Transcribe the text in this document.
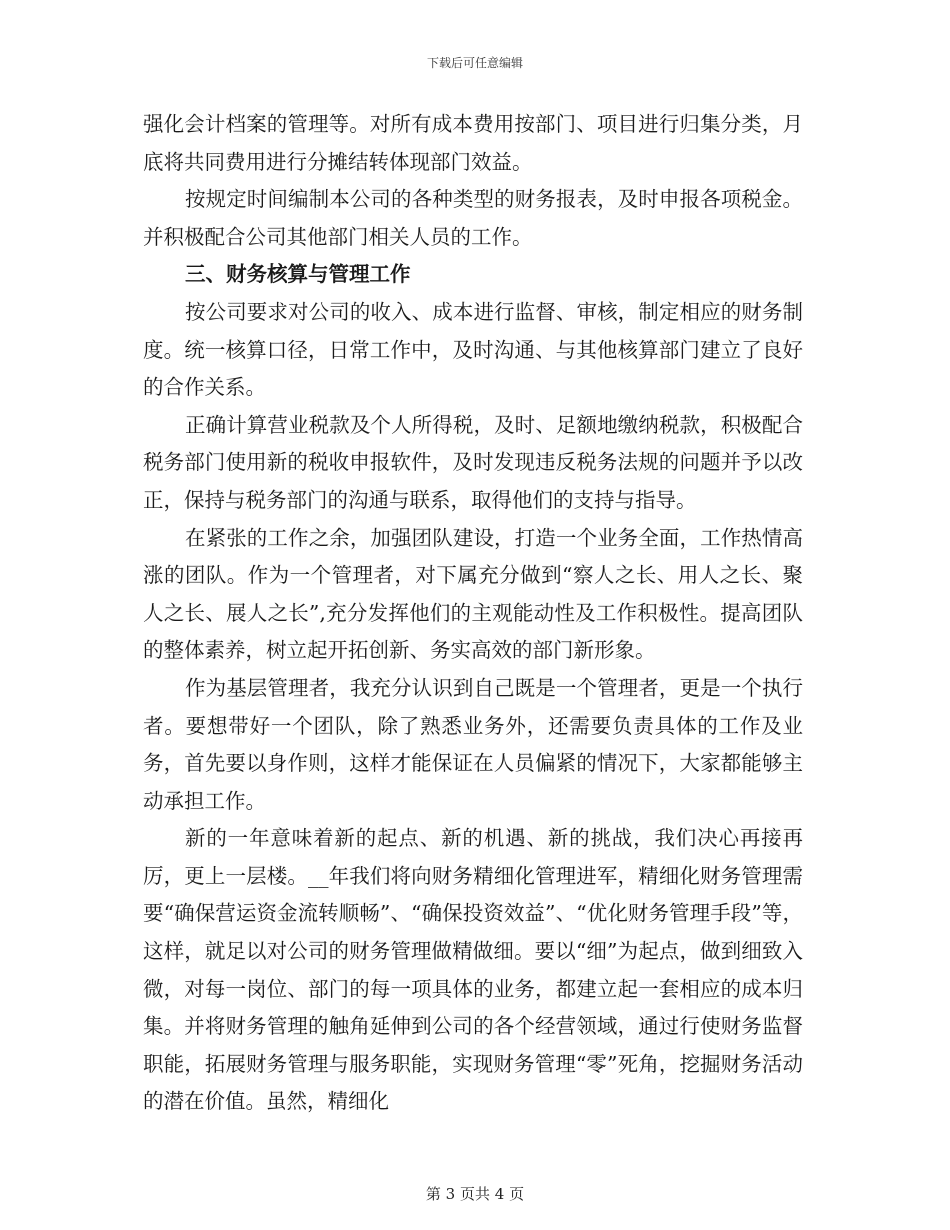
下载后可任意编辑

强化会计档案的管理等。对所有成本费用按部门、项目进行归集分类，月底将共同费用进行分摊结转体现部门效益。

按规定时间编制本公司的各种类型的财务报表，及时申报各项税金。并积极配合公司其他部门相关人员的工作。

三、财务核算与管理工作

按公司要求对公司的收入、成本进行监督、审核，制定相应的财务制度。统一核算口径，日常工作中，及时沟通、与其他核算部门建立了良好的合作关系。

正确计算营业税款及个人所得税，及时、足额地缴纳税款，积极配合税务部门使用新的税收申报软件，及时发现违反税务法规的问题并予以改正，保持与税务部门的沟通与联系，取得他们的支持与指导。

在紧张的工作之余，加强团队建设，打造一个业务全面，工作热情高涨的团队。作为一个管理者，对下属充分做到“察人之长、用人之长、聚人之长、展人之长”,充分发挥他们的主观能动性及工作积极性。提高团队的整体素养，树立起开拓创新、务实高效的部门新形象。

作为基层管理者，我充分认识到自己既是一个管理者，更是一个执行者。要想带好一个团队，除了熟悉业务外，还需要负责具体的工作及业务，首先要以身作则，这样才能保证在人员偏紧的情况下，大家都能够主动承担工作。

新的一年意味着新的起点、新的机遇、新的挑战，我们决心再接再厉，更上一层楼。__年我们将向财务精细化管理进军，精细化财务管理需要“确保营运资金流转顺畅”、“确保投资效益”、“优化财务管理手段”等，这样，就足以对公司的财务管理做精做细。要以“细”为起点，做到细致入微，对每一岗位、部门的每一项具体的业务，都建立起一套相应的成本归集。并将财务管理的触角延伸到公司的各个经营领域，通过行使财务监督职能，拓展财务管理与服务职能，实现财务管理“零”死角，挖掘财务活动的潜在价值。虽然，精细化

第 3 页共 4 页
